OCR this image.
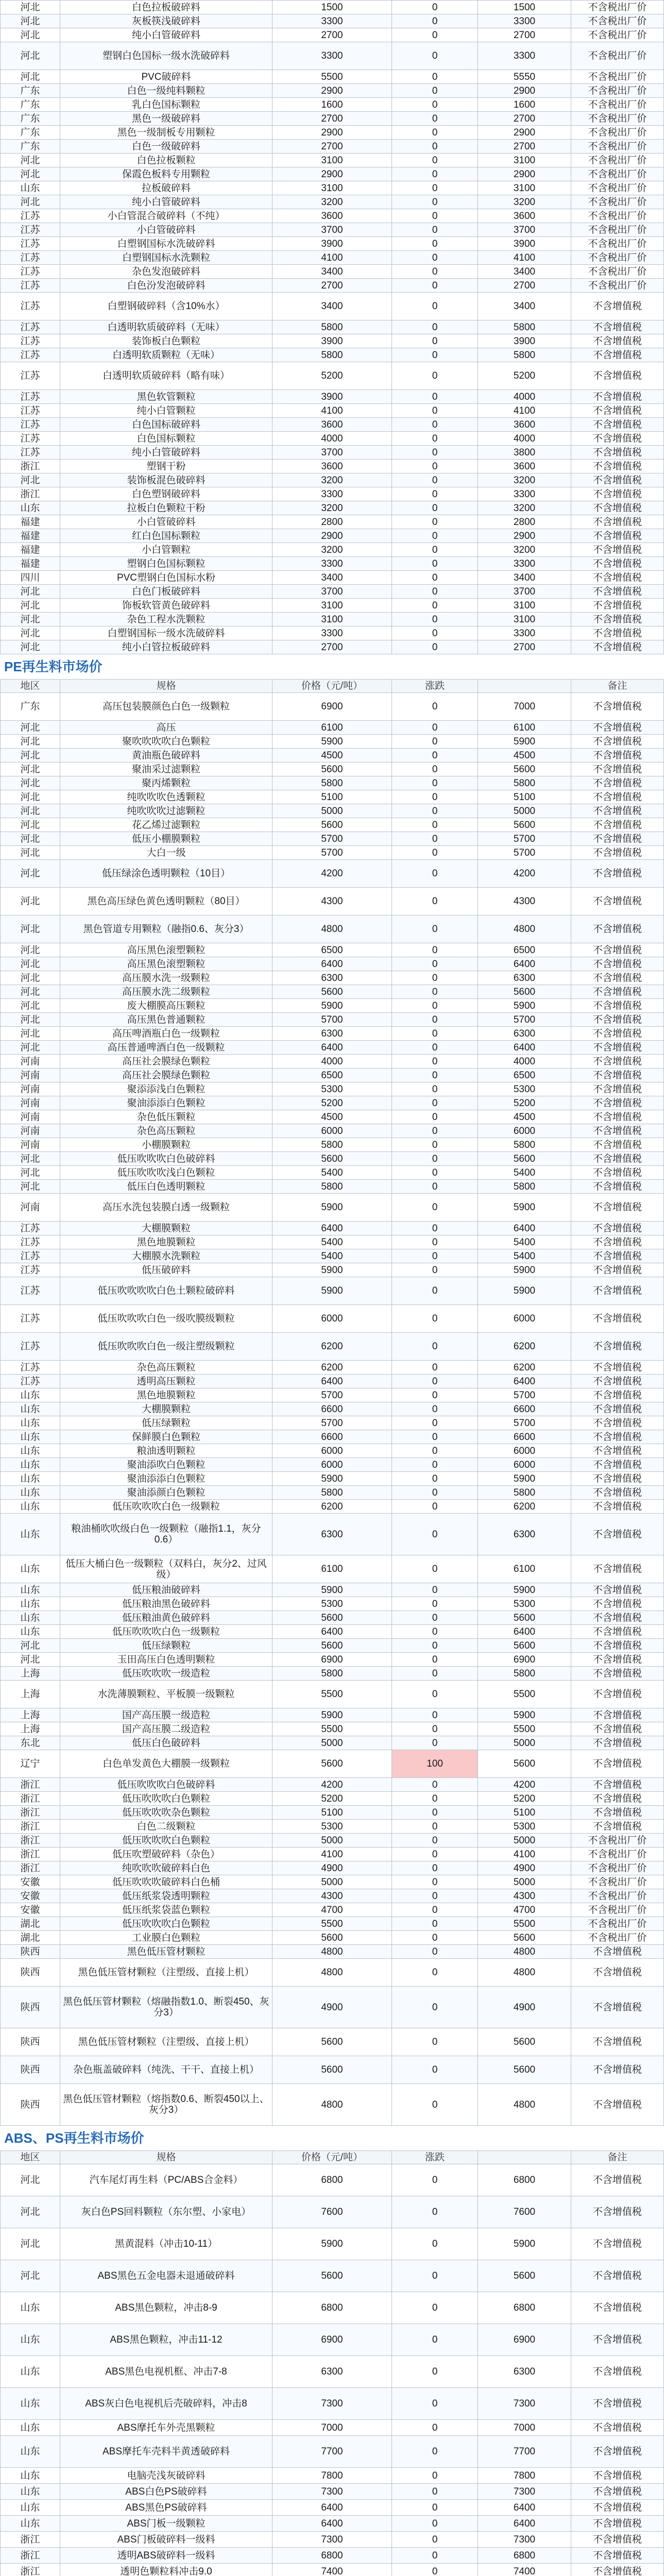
河北	白色拉板破碎料	1500	0	1500	不含税出厂价
河北	灰板筷浅破碎料	3300	0	3300	不含税出厂价
河北	纯小白管破碎料	2700	0	2700	不含税出厂价
河北	塑钢白色国标一级水洗破碎料	3300	0	3300	不含税出厂价
河北	PVC破碎料	5500	0	5550	不含税出厂价
广东	白色一级纯料颗粒	2900	0	2900	不含税出厂价
广东	乳白色国标颗粒	1600	0	1600	不含税出厂价
广东	黑色一级破碎料	2700	0	2700	不含税出厂价
广东	黑色一级制板专用颗粒	2900	0	2900	不含税出厂价
广东	白色一级破碎料	2700	0	2700	不含税出厂价
河北	白色拉板颗粒	3100	0	3100	不含税出厂价
河北	保霞色板料专用颗粒	2900	0	2900	不含税出厂价
山东	拉板破碎料	3100	0	3100	不含税出厂价
河北	纯小白管破碎料	3200	0	3200	不含税出厂价
江苏	小白管混合破碎料（不纯）	3600	0	3600	不含税出厂价
江苏	小白管破碎料	3700	0	3700	不含税出厂价
江苏	白塑钢国标水洗破碎料	3900	0	3900	不含税出厂价
江苏	白塑钢国标水洗颗粒	4100	0	4100	不含税出厂价
江苏	杂色发泡破碎料	3400	0	3400	不含税出厂价
江苏	白色汾发泡破碎料	2700	0	2700	不含税出厂价
江苏	白塑钢破碎料（含10%水）	3400	0	3400	不含增值税
江苏	白透明软质破碎料（无味）	5800	0	5800	不含增值税
江苏	装饰板白色颗粒	3900	0	3900	不含增值税
江苏	白透明软质颗粒（无味）	5800	0	5800	不含增值税
江苏	白透明软质破碎料（略有味）	5200	0	5200	不含增值税
江苏	黑色软管颗粒	3900	0	4000	不含增值税
江苏	纯小白管颗粒	4100	0	4100	不含增值税
江苏	白色国标破碎料	3600	0	3600	不含增值税
江苏	白色国标颗粒	4000	0	4000	不含增值税
江苏	纯小白管破碎料	3700	0	3800	不含增值税
浙江	塑钢干粉	3600	0	3600	不含增值税
河北	装饰板混色破碎料	3200	0	3200	不含增值税
浙江	白色塑钢破碎料	3300	0	3300	不含增值税
山东	拉板白色颗粒干粉	3200	0	3200	不含增值税
福建	小白管破碎料	2800	0	2800	不含增值税
福建	红白色国标颗粒	2900	0	2900	不含增值税
福建	小白管颗粒	3200	0	3200	不含增值税
福建	塑钢白色国标颗粒	3300	0	3300	不含增值税
四川	PVC塑钢白色国标水粉	3400	0	3400	不含增值税
河北	白色门板破碎料	3700	0	3700	不含增值税
河北	饰板软管黄色破碎料	3100	0	3100	不含增值税
河北	杂色工程水洗颗粒	3100	0	3100	不含增值税
河北	白塑钢国标一级水洗破碎料	3300	0	3300	不含增值税
河北	纯小白管拉板破碎料	2700	0	2700	不含增值税
PE再生料市场价
地区	规格	价格（元/吨）	涨跌		备注
广东	高压包装膜颜色白色一级颗粒	6900	0	7000	不含增值税
河北	高压	6100	0	6100	不含增值税
河北	聚吹吹吹吹白色颗粒	5900	0	5900	不含增值税
河北	黄油瓶色破碎料	4500	0	4500	不含增值税
河北	聚油采过滤颗粒	5600	0	5600	不含增值税
河北	聚丙烯颗粒	5800	0	5800	不含增值税
河北	纯吹吹吹色透颗粒	5100	0	5100	不含增值税
河北	纯吹吹吹过滤颗粒	5000	0	5000	不含增值税
河北	花乙烯过滤颗粒	5600	0	5600	不含增值税
河北	低压小棚膜颗粒	5700	0	5700	不含增值税
河北	大白一级	5700	0	5700	不含增值税
河北	低压绿涂色透明颗粒（10目）	4200	0	4200	不含增值税
河北	黑色高压绿色黄色透明颗粒（80目）	4300	0	4300	不含增值税
河北	黑色管道专用颗粒（融指0.6、灰分3）	4800	0	4800	不含增值税
河北	高压黑色滚塑颗粒	6500	0	6500	不含增值税
河北	高压黑色滚塑颗粒	6400	0	6400	不含增值税
河北	高压膜水洗一级颗粒	6300	0	6300	不含增值税
河北	高压膜水洗二级颗粒	5600	0	5600	不含增值税
河北	废大棚膜高压颗粒	5900	0	5900	不含增值税
河北	高压黑色普通颗粒	5700	0	5700	不含增值税
河北	高压啤酒瓶白色一级颗粒	6300	0	6300	不含增值税
河北	高压普通啤酒白色一级颗粒	6400	0	6400	不含增值税
河南	高压社会膜绿色颗粒	4000	0	4000	不含增值税
河南	高压社会膜绿色颗粒	6500	0	6500	不含增值税
河南	聚添添浅白色颗粒	5300	0	5300	不含增值税
河南	聚油添添白色颗粒	5200	0	5200	不含增值税
河南	杂色低压颗粒	4500	0	4500	不含增值税
河南	杂色高压颗粒	6000	0	6000	不含增值税
河南	小棚膜颗粒	5800	0	5800	不含增值税
河北	低压吹吹吹白色破碎料	5600	0	5600	不含增值税
河北	低压吹吹吹浅白色颗粒	5400	0	5400	不含增值税
河北	低压白色透明颗粒	5800	0	5800	不含增值税
河南	高压水洗包装膜白透一级颗粒	5900	0	5900	不含增值税
江苏	大棚膜颗粒	6400	0	6400	不含增值税
江苏	黑色地膜颗粒	5400	0	5400	不含增值税
江苏	大棚膜水洗颗粒	5400	0	5400	不含增值税
江苏	低压破碎料	5900	0	5900	不含增值税
江苏	低压吹吹吹吹白色土颗粒破碎料	5900	0	5900	不含增值税
江苏	低压吹吹吹白色一级吹膜级颗粒	6000	0	6000	不含增值税
江苏	低压吹吹吹白色一级注塑级颗粒	6200	0	6200	不含增值税
江苏	杂色高压颗粒	6200	0	6200	不含增值税
江苏	透明高压颗粒	6400	0	6400	不含增值税
山东	黑色地膜颗粒	5700	0	5700	不含增值税
山东	大棚膜颗粒	6600	0	6600	不含增值税
山东	低压绿颗粒	5700	0	5700	不含增值税
山东	保鲜膜白色颗粒	6600	0	6600	不含增值税
山东	粮油透明颗粒	6000	0	6000	不含增值税
山东	聚油添吹白色颗粒	6000	0	6000	不含增值税
山东	聚油添添白色颗粒	5900	0	5900	不含增值税
山东	聚油添颜白色颗粒	5800	0	5800	不含增值税
山东	低压吹吹吹白色一级颗粒	6200	0	6200	不含增值税
山东	粮油桶吹吹级白色一级颗粒（融指1.1，灰分0.6）	6300	0	6300	不含增值税
山东	低压大桶白色一级颗粒（双料白，灰分2、过风级）	6100	0	6100	不含增值税
山东	低压粮油破碎料	5900	0	5900	不含增值税
山东	低压粮油黑色破碎料	5300	0	5300	不含增值税
山东	低压粮油黄色破碎料	5600	0	5600	不含增值税
山东	低压吹吹吹白色一级颗粒	6400	0	6400	不含增值税
河北	低压绿颗粒	5600	0	5600	不含增值税
河北	玉田高压白色透明颗粒	6900	0	6900	不含增值税
上海	低压吹吹吹一级造粒	5800	0	5800	不含增值税
上海	水洗薄膜颗粒、平板膜一级颗粒	5500	0	5500	不含增值税
上海	国产高压膜一级造粒	5900	0	5900	不含增值税
上海	国产高压膜二级造粒	5500	0	5500	不含增值税
东北	低压白色破碎料	5000	0	5000	不含增值税
辽宁	白色单发黄色大棚膜一级颗粒	5600	100	5600	不含增值税
浙江	低压吹吹吹白色破碎料	4200	0	4200	不含增值税
浙江	低压吹吹吹白色颗粒	5200	0	5200	不含增值税
浙江	低压吹吹吹杂色颗粒	5100	0	5100	不含增值税
浙江	白色二级颗粒	5300	0	5300	不含增值税
浙江	低压吹吹吹白色颗粒	5000	0	5000	不含税出厂价
浙江	低压吹塑破碎料（杂色）	4100	0	4100	不含税出厂价
浙江	纯吹吹吹破碎料白色	4900	0	4900	不含税出厂价
安徽	低压吹吹吹破碎料白色桶	5000	0	5000	不含税出厂价
安徽	低压纸浆袋透明颗粒	4300	0	4300	不含税出厂价
安徽	低压纸浆袋蓝色颗粒	4700	0	4700	不含税出厂价
湖北	低压吹吹吹白色颗粒	5500	0	5500	不含税出厂价
湖北	工业膜白色颗粒	5600	0	5600	不含税出厂价
陕西	黑色低压管材颗粒	4800	0	4800	不含增值税
陕西	黑色低压管材颗粒（注塑级、直接上机）	4800	0	4800	不含增值税
陕西	黑色低压管材颗粒（熔融指数1.0、断裂450、灰分3）	4900	0	4900	不含增值税
陕西	黑色低压管材颗粒（注塑级、直接上机）	5600	0	5600	不含增值税
陕西	杂色瓶盖破碎料（纯洗、干干、直接上机）	5600	0	5600	不含增值税
陕西	黑色低压管材颗粒（熔指数0.6、断裂450以上、灰分3）	4800	0	4800	不含增值税
ABS、PS再生料市场价
地区	规格	价格（元/吨）	涨跌		备注
河北	汽车尾灯再生料（PC/ABS合金料）	6800	0	6800	不含增值税
河北	灰白色PS回料颗粒（东尔塑、小家电）	7600	0	7600	不含增值税
河北	黑黄混料（冲击10-11）	5900	0	5900	不含增值税
河北	ABS黑色五金电器未退通破碎料	5600	0	5600	不含增值税
山东	ABS黑色颗粒，冲击8-9	6800	0	6800	不含增值税
山东	ABS黑色颗粒，冲击11-12	6900	0	6900	不含增值税
山东	ABS黑色电视机框、冲击7-8	6300	0	6300	不含增值税
山东	ABS灰白色电视机后壳破碎料，冲击8	7300	0	7300	不含增值税
山东	ABS摩托车外壳黑颗粒	7000	0	7000	不含增值税
山东	ABS摩托车壳料半黄透破碎料	7700	0	7700	不含增值税
山东	电脑壳浅灰破碎料	7800	0	7800	不含增值税
山东	ABS白色PS破碎料	7300	0	7300	不含增值税
山东	ABS黑色PS破碎料	6400	0	6400	不含增值税
山东	ABS门板一级颗粒	6400	0	6400	不含增值税
浙江	ABS门板破碎料一级料	7300	0	7300	不含增值税
浙江	透明ABS破碎料一级料	6800	0	6800	不含增值税
浙江	透明色颗粒料冲击9.0	7400	0	7400	不含增值税
